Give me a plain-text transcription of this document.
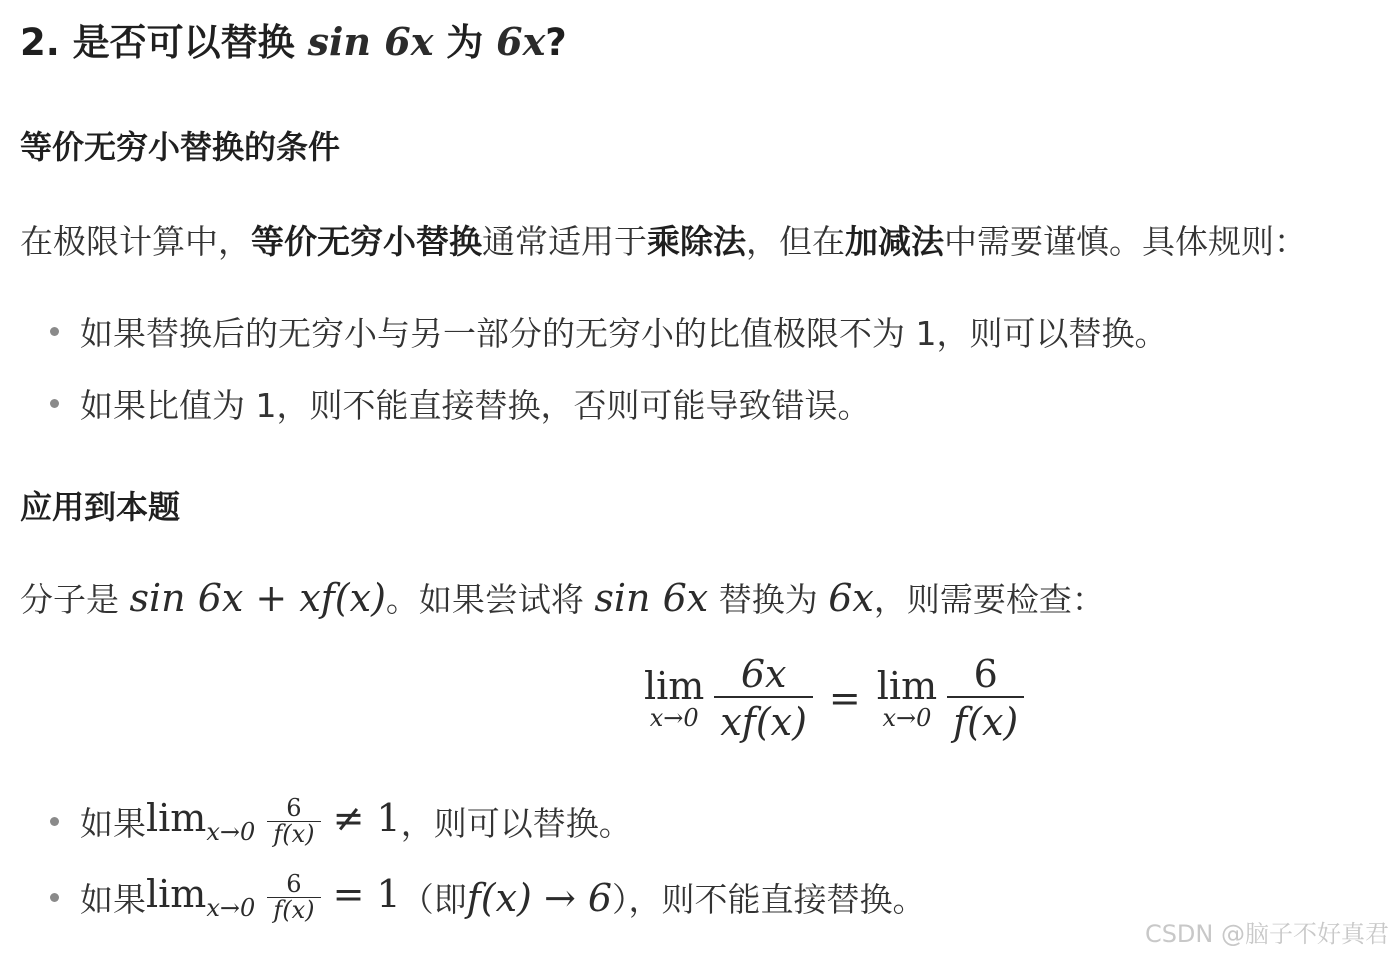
2. 是否可以替换 sin 6x 为 6x?
等价无穷小替换的条件
在极限计算中，等价无穷小替换通常适用于乘除法，但在加减法中需要谨慎。具体规则：
如果替换后的无穷小与另一部分的无穷小的比值极限不为 1，则可以替换。
如果比值为 1，则不能直接替换，否则可能导致错误。
应用到本题
分子是 sin 6x + xf(x)。如果尝试将 sin 6x 替换为 6x，则需要检查：
lim
$x\to 0 \frac{6x}{xf(x)} = \lim$
$x\to 0 \frac{6}{f(x)}$
如果 $\lim_{x\to 0} \frac{6}{f(x)} \ne 1$ ，则可以替换。
如果 $\lim_{x\to 0} \frac{6}{f(x)} = 1$ （即 f(x) → 6 ），则不能直接替换。
CSDN @脑子不好真君
